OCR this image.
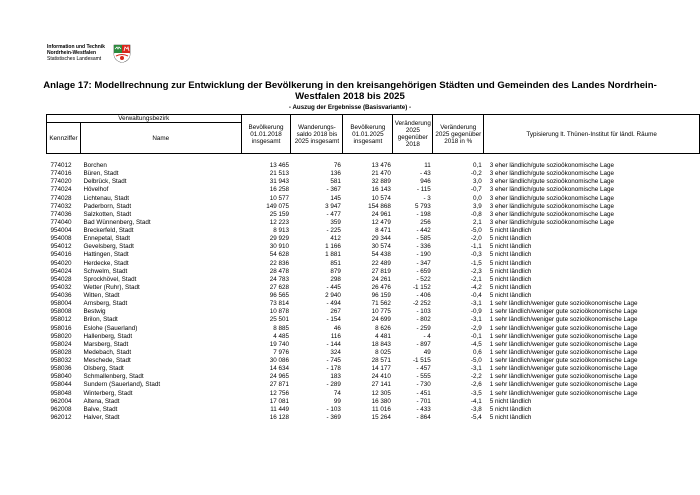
Information und Technik
Nordrhein-Westfalen
Statistisches Landesamt
Anlage 17: Modellrechnung zur Entwicklung der Bevölkerung in den kreisangehörigen Städten und Gemeinden des Landes Nordrhein-Westfalen 2018 bis 2025
- Auszug der Ergebnisse (Basisvariante) -
Verwaltungsbezirk		Bevölkerung 01.01.2018 insgesamt	Wanderungs- saldo 2018 bis 2025 insgesamt	Bevölkerung 01.01.2025 insgesamt	Veränderung 2025 gegenüber 2018	Veränderung 2025 gegenüber 2018 in %	Typisierung lt. Thünen-Institut für ländl. Räume
Kennziffer	Name						

774012	Borchen	13 465	76	13 476	11	0,1	3 eher ländlich/gute sozioökonomische Lage
774016	Büren, Stadt	21 513	136	21 470	- 43	-0,2	3 eher ländlich/gute sozioökonomische Lage
774020	Delbrück, Stadt	31 943	581	32 889	946	3,0	3 eher ländlich/gute sozioökonomische Lage
774024	Hövelhof	16 258	- 367	16 143	- 115	-0,7	3 eher ländlich/gute sozioökonomische Lage
774028	Lichtenau, Stadt	10 577	145	10 574	- 3	0,0	3 eher ländlich/gute sozioökonomische Lage
774032	Paderborn, Stadt	149 075	3 947	154 868	5 793	3,9	3 eher ländlich/gute sozioökonomische Lage
774036	Salzkotten, Stadt	25 159	- 477	24 961	- 198	-0,8	3 eher ländlich/gute sozioökonomische Lage
774040	Bad Wünnenberg, Stadt	12 223	359	12 479	256	2,1	3 eher ländlich/gute sozioökonomische Lage
954004	Breckerfeld, Stadt	8 913	- 225	8 471	- 442	-5,0	5 nicht ländlich
954008	Ennepetal, Stadt	29 929	412	29 344	- 585	-2,0	5 nicht ländlich
954012	Gevelsberg, Stadt	30 910	1 166	30 574	- 336	-1,1	5 nicht ländlich
954016	Hattingen, Stadt	54 628	1 881	54 438	- 190	-0,3	5 nicht ländlich
954020	Herdecke, Stadt	22 836	851	22 489	- 347	-1,5	5 nicht ländlich
954024	Schwelm, Stadt	28 478	879	27 819	- 659	-2,3	5 nicht ländlich
954028	Sprockhövel, Stadt	24 783	298	24 261	- 522	-2,1	5 nicht ländlich
954032	Wetter (Ruhr), Stadt	27 628	- 445	26 476	-1 152	-4,2	5 nicht ländlich
954036	Witten, Stadt	96 565	2 940	96 159	- 406	-0,4	5 nicht ländlich
958004	Arnsberg, Stadt	73 814	- 494	71 562	-2 252	-3,1	1 sehr ländlich/weniger gute sozioökonomische Lage
958008	Bestwig	10 878	267	10 775	- 103	-0,9	1 sehr ländlich/weniger gute sozioökonomische Lage
958012	Brilon, Stadt	25 501	- 154	24 699	- 802	-3,1	1 sehr ländlich/weniger gute sozioökonomische Lage
958016	Eslohe (Sauerland)	8 885	46	8 626	- 259	-2,9	1 sehr ländlich/weniger gute sozioökonomische Lage
958020	Hallenberg, Stadt	4 485	116	4 481	- 4	-0,1	1 sehr ländlich/weniger gute sozioökonomische Lage
958024	Marsberg, Stadt	19 740	- 144	18 843	- 897	-4,5	1 sehr ländlich/weniger gute sozioökonomische Lage
958028	Medebach, Stadt	7 976	324	8 025	49	0,6	1 sehr ländlich/weniger gute sozioökonomische Lage
958032	Meschede, Stadt	30 086	- 745	28 571	-1 515	-5,0	1 sehr ländlich/weniger gute sozioökonomische Lage
958036	Olsberg, Stadt	14 634	- 178	14 177	- 457	-3,1	1 sehr ländlich/weniger gute sozioökonomische Lage
958040	Schmallenberg, Stadt	24 965	183	24 410	- 555	-2,2	1 sehr ländlich/weniger gute sozioökonomische Lage
958044	Sundern (Sauerland), Stadt	27 871	- 289	27 141	- 730	-2,6	1 sehr ländlich/weniger gute sozioökonomische Lage
958048	Winterberg, Stadt	12 756	74	12 305	- 451	-3,5	1 sehr ländlich/weniger gute sozioökonomische Lage
962004	Altena, Stadt	17 081	99	16 380	- 701	-4,1	5 nicht ländlich
962008	Balve, Stadt	11 449	- 103	11 016	- 433	-3,8	5 nicht ländlich
962012	Halver, Stadt	16 128	- 369	15 264	- 864	-5,4	5 nicht ländlich
